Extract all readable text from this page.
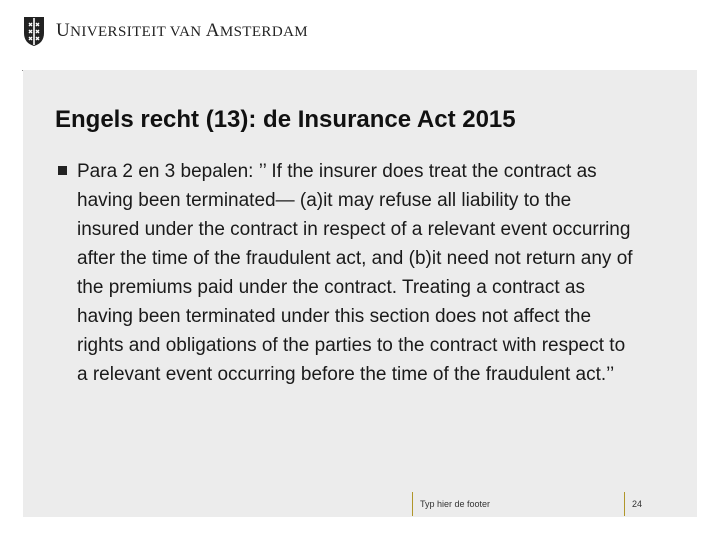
UNIVERSITEIT VAN AMSTERDAM
Engels recht (13): de Insurance Act 2015
Para 2 en 3 bepalen: ’’ If the insurer does treat the contract as having been terminated— (a)it may refuse all liability to the insured under the contract in respect of a relevant event occurring after the time of the fraudulent act, and (b)it need not return any of the premiums paid under the contract. Treating a contract as having been terminated under this section does not affect the rights and obligations of the parties to the contract with respect to a relevant event occurring before the time of the fraudulent act.’’
Typ hier de footer	24
